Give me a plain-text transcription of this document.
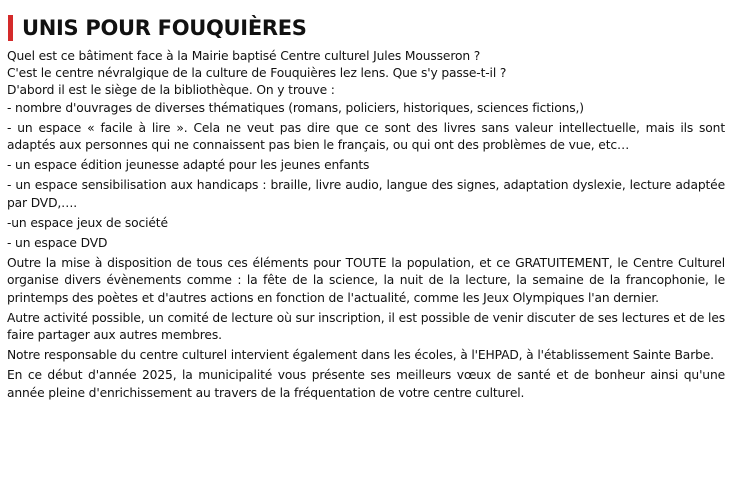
UNIS POUR FOUQUIÈRES
Quel est ce bâtiment face à la Mairie baptisé Centre culturel Jules Mousseron ?
C'est le centre névralgique de la culture de Fouquières lez lens. Que s'y passe-t-il ?
D'abord il est le siège de la bibliothèque. On y trouve :
- nombre d'ouvrages de diverses thématiques (romans, policiers, historiques, sciences fictions,)

- un espace « facile à lire ». Cela ne veut pas dire que ce sont des livres sans valeur intellectuelle, mais ils sont adaptés aux personnes qui ne connaissent pas bien le français, ou qui ont des problèmes de vue, etc…

- un espace édition jeunesse adapté pour les jeunes enfants

- un espace sensibilisation aux handicaps : braille, livre audio, langue des signes, adaptation dyslexie, lecture adaptée par DVD,….

-un espace jeux de société

- un espace DVD

Outre la mise à disposition de tous ces éléments pour TOUTE la population, et ce GRATUITEMENT, le Centre Culturel organise divers évènements comme : la fête de la science, la nuit de la lecture, la semaine de la francophonie, le printemps des poètes et d'autres actions en fonction de l'actualité, comme les Jeux Olympiques l'an dernier.

Autre activité possible, un comité de lecture où sur inscription, il est possible de venir discuter de ses lectures et de les faire partager aux autres membres.

Notre responsable du centre culturel intervient également dans les écoles, à l'EHPAD, à l'établissement Sainte Barbe.

En ce début d'année 2025, la municipalité vous présente ses meilleurs vœux de santé et de bonheur ainsi qu'une année pleine d'enrichissement au travers de la fréquentation de votre centre culturel.
